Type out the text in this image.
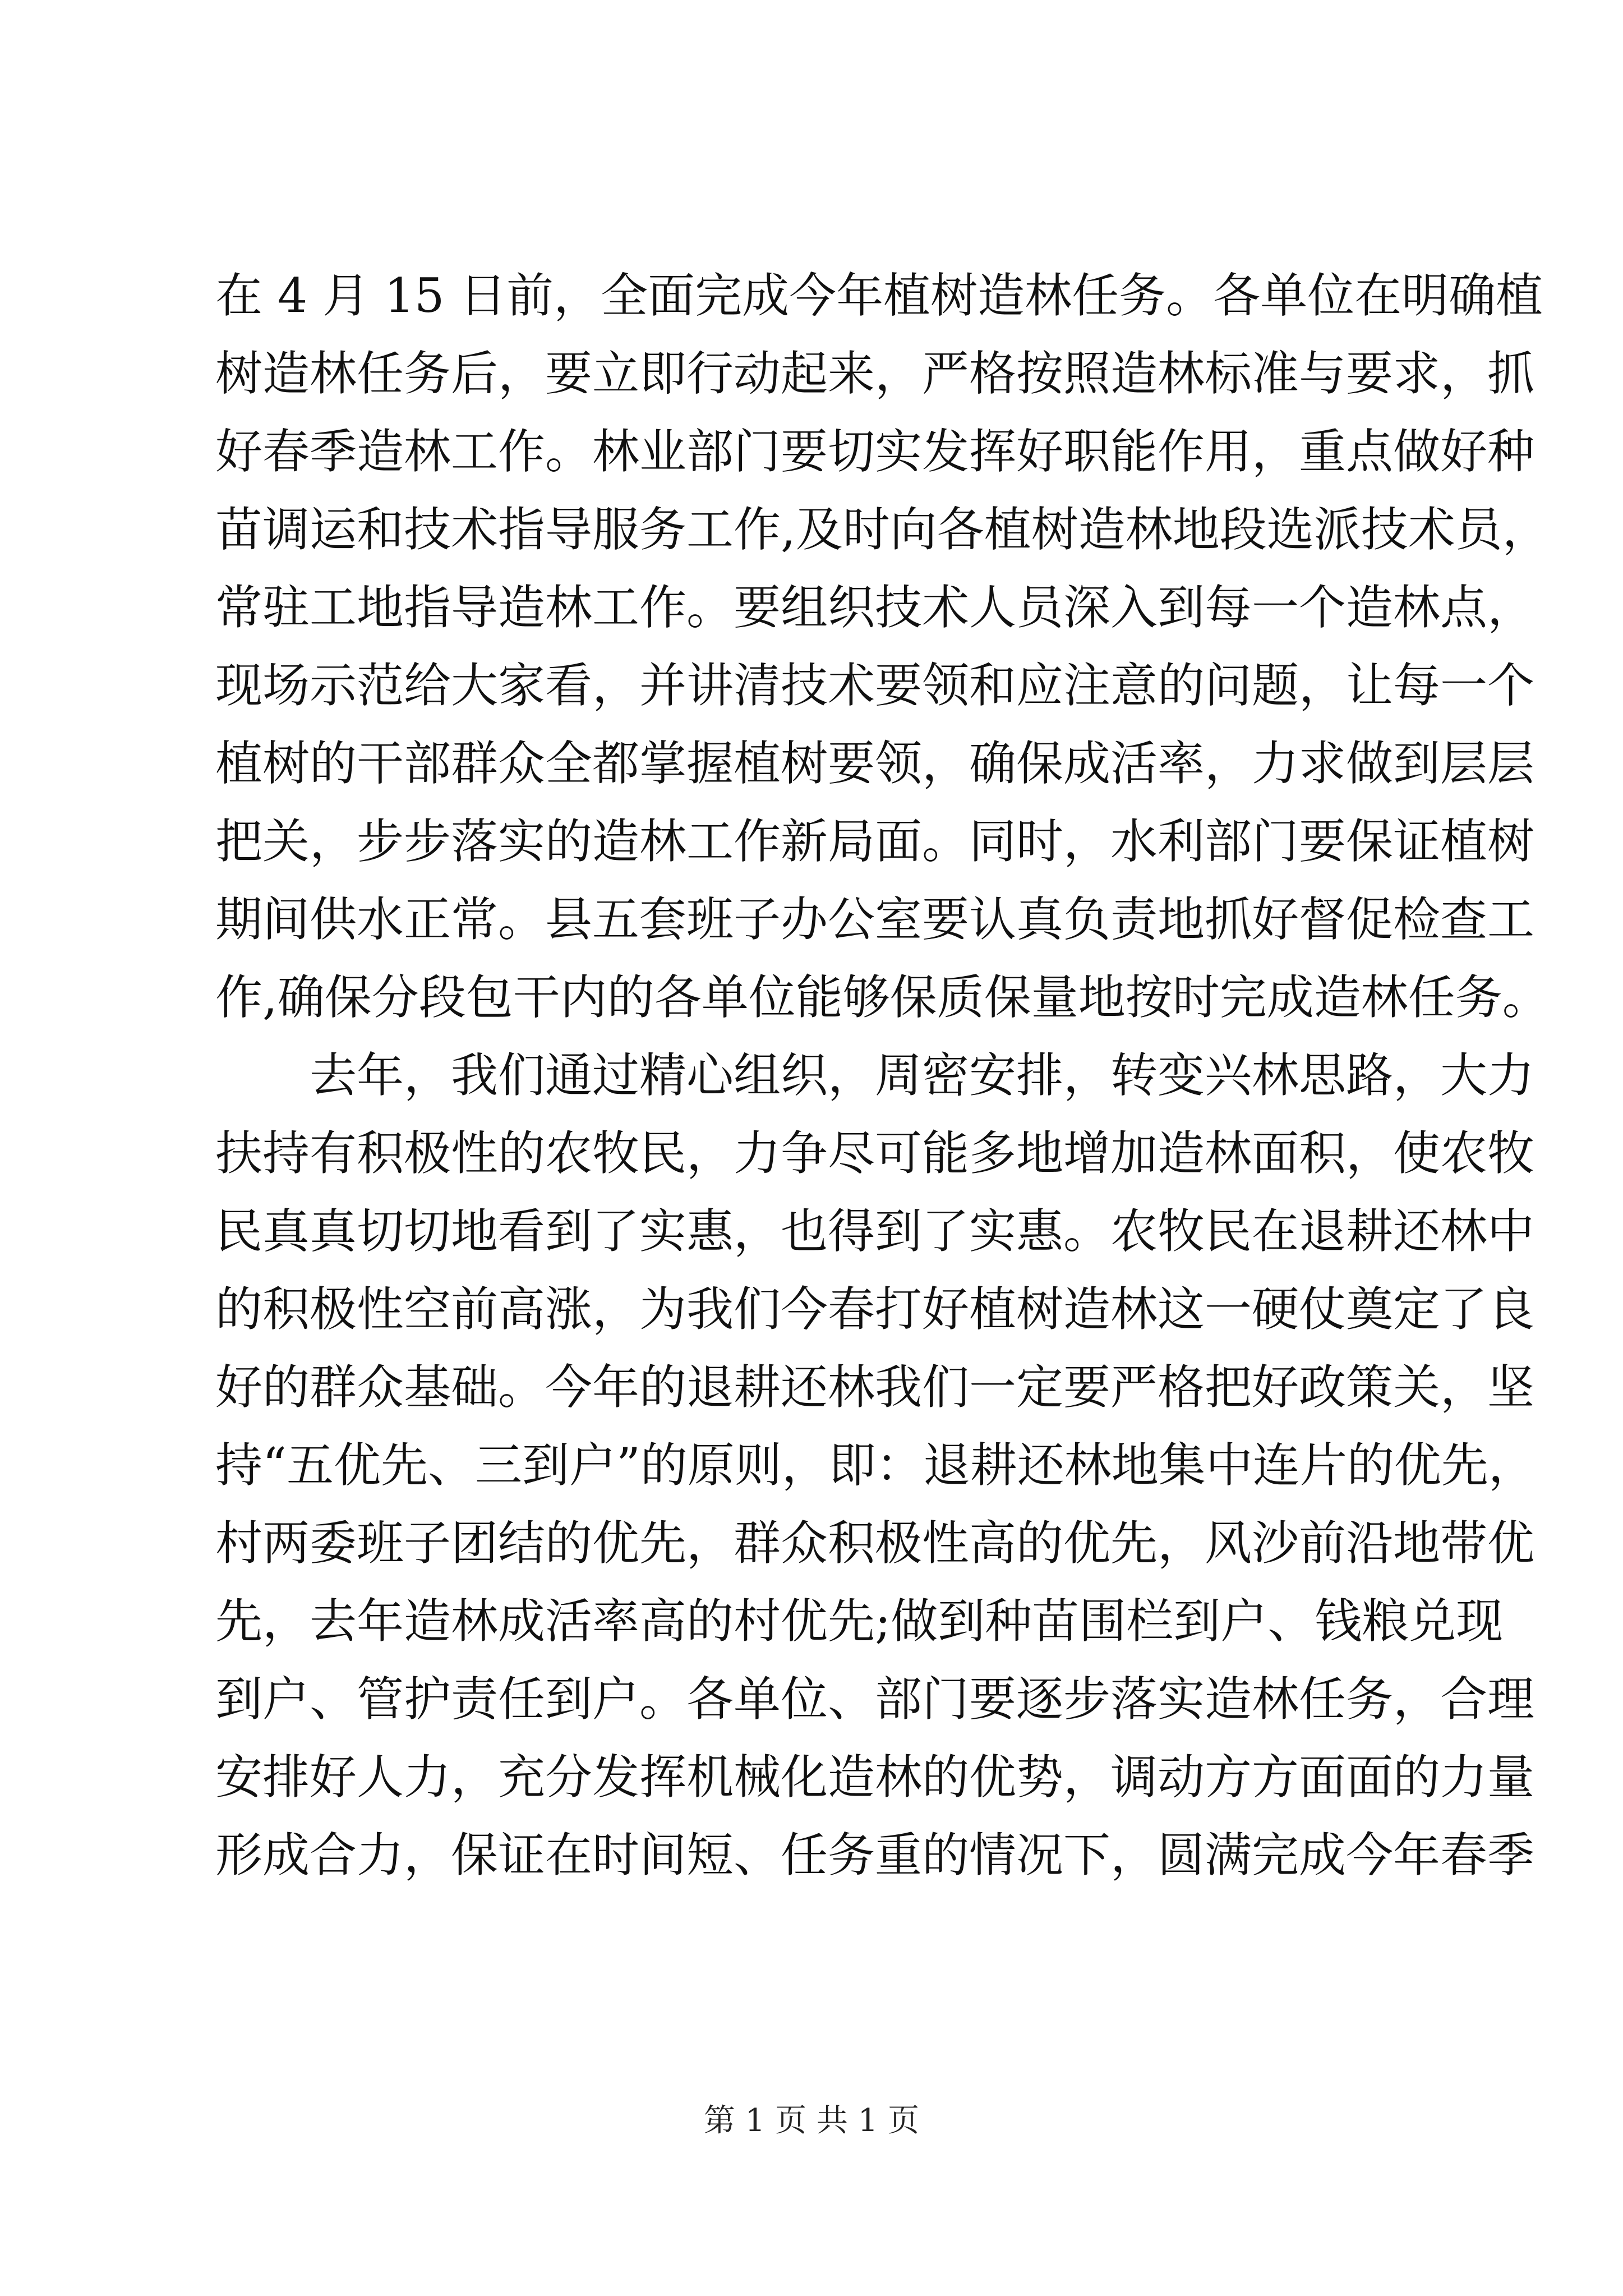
在 4 月 15 日前，全面完成今年植树造林任务。各单位在明确植
树造林任务后，要立即行动起来，严格按照造林标准与要求，抓
好春季造林工作。林业部门要切实发挥好职能作用，重点做好种
苗调运和技术指导服务工作,及时向各植树造林地段选派技术员，
常驻工地指导造林工作。要组织技术人员深入到每一个造林点，
现场示范给大家看，并讲清技术要领和应注意的问题，让每一个
植树的干部群众全都掌握植树要领，确保成活率，力求做到层层
把关，步步落实的造林工作新局面。同时，水利部门要保证植树
期间供水正常。县五套班子办公室要认真负责地抓好督促检查工
作,确保分段包干内的各单位能够保质保量地按时完成造林任务。
去年，我们通过精心组织，周密安排，转变兴林思路，大力
扶持有积极性的农牧民，力争尽可能多地增加造林面积，使农牧
民真真切切地看到了实惠，也得到了实惠。农牧民在退耕还林中
的积极性空前高涨，为我们今春打好植树造林这一硬仗奠定了良
好的群众基础。今年的退耕还林我们一定要严格把好政策关，坚
持“五优先、三到户”的原则，即：退耕还林地集中连片的优先，
村两委班子团结的优先，群众积极性高的优先，风沙前沿地带优
先，去年造林成活率高的村优先;做到种苗围栏到户、钱粮兑现
到户、管护责任到户。各单位、部门要逐步落实造林任务，合理
安排好人力，充分发挥机械化造林的优势，调动方方面面的力量
形成合力，保证在时间短、任务重的情况下，圆满完成今年春季
第 1 页 共 1 页
